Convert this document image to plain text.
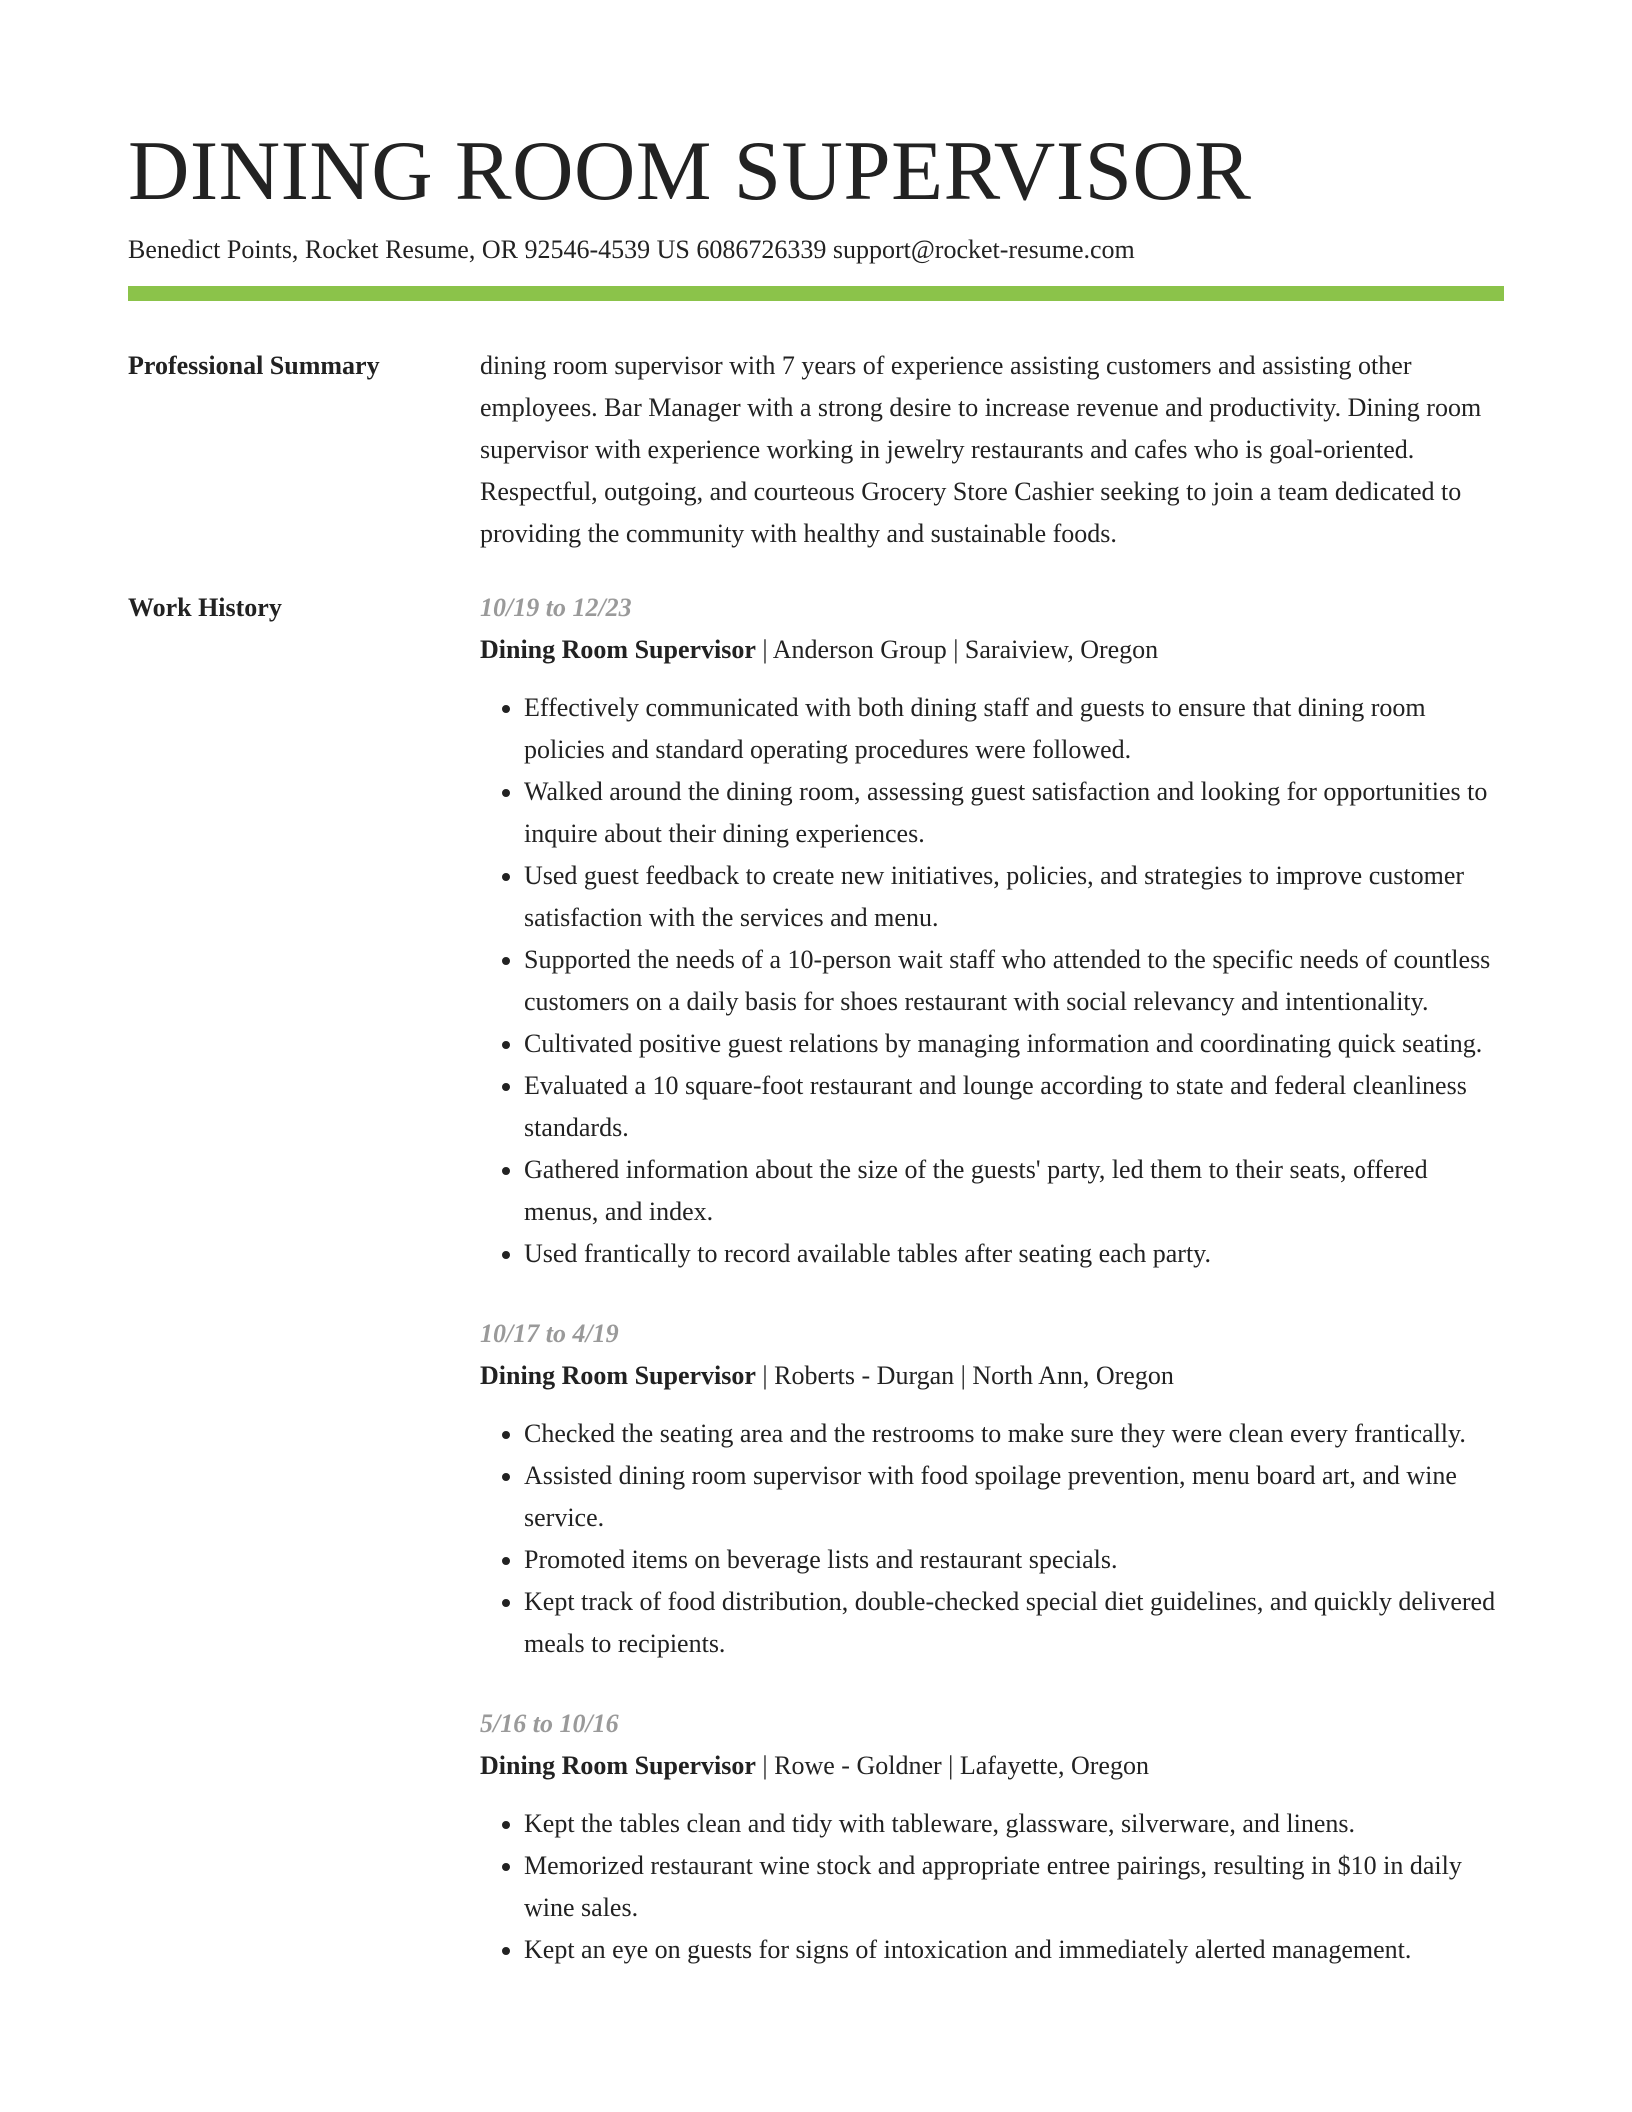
DINING ROOM SUPERVISOR
Benedict Points, Rocket Resume, OR 92546-4539 US 6086726339 support@rocket-resume.com
Professional Summary	dining room supervisor with 7 years of experience assisting customers and assisting other employees. Bar Manager with a strong desire to increase revenue and productivity. Dining room supervisor with experience working in jewelry restaurants and cafes who is goal-oriented. Respectful, outgoing, and courteous Grocery Store Cashier seeking to join a team dedicated to providing the community with healthy and sustainable foods.

Work History	10/19 to 12/23
Dining Room Supervisor | Anderson Group | Saraiview, Oregon
• Effectively communicated with both dining staff and guests to ensure that dining room policies and standard operating procedures were followed.
• Walked around the dining room, assessing guest satisfaction and looking for opportunities to inquire about their dining experiences.
• Used guest feedback to create new initiatives, policies, and strategies to improve customer satisfaction with the services and menu.
• Supported the needs of a 10-person wait staff who attended to the specific needs of countless customers on a daily basis for shoes restaurant with social relevancy and intentionality.
• Cultivated positive guest relations by managing information and coordinating quick seating.
• Evaluated a 10 square-foot restaurant and lounge according to state and federal cleanliness standards.
• Gathered information about the size of the guests' party, led them to their seats, offered menus, and index.
• Used frantically to record available tables after seating each party.
10/17 to 4/19
Dining Room Supervisor | Roberts - Durgan | North Ann, Oregon
• Checked the seating area and the restrooms to make sure they were clean every frantically.
• Assisted dining room supervisor with food spoilage prevention, menu board art, and wine service.
• Promoted items on beverage lists and restaurant specials.
• Kept track of food distribution, double-checked special diet guidelines, and quickly delivered meals to recipients.
5/16 to 10/16
Dining Room Supervisor | Rowe - Goldner | Lafayette, Oregon
• Kept the tables clean and tidy with tableware, glassware, silverware, and linens.
• Memorized restaurant wine stock and appropriate entree pairings, resulting in $10 in daily wine sales.
• Kept an eye on guests for signs of intoxication and immediately alerted management.
